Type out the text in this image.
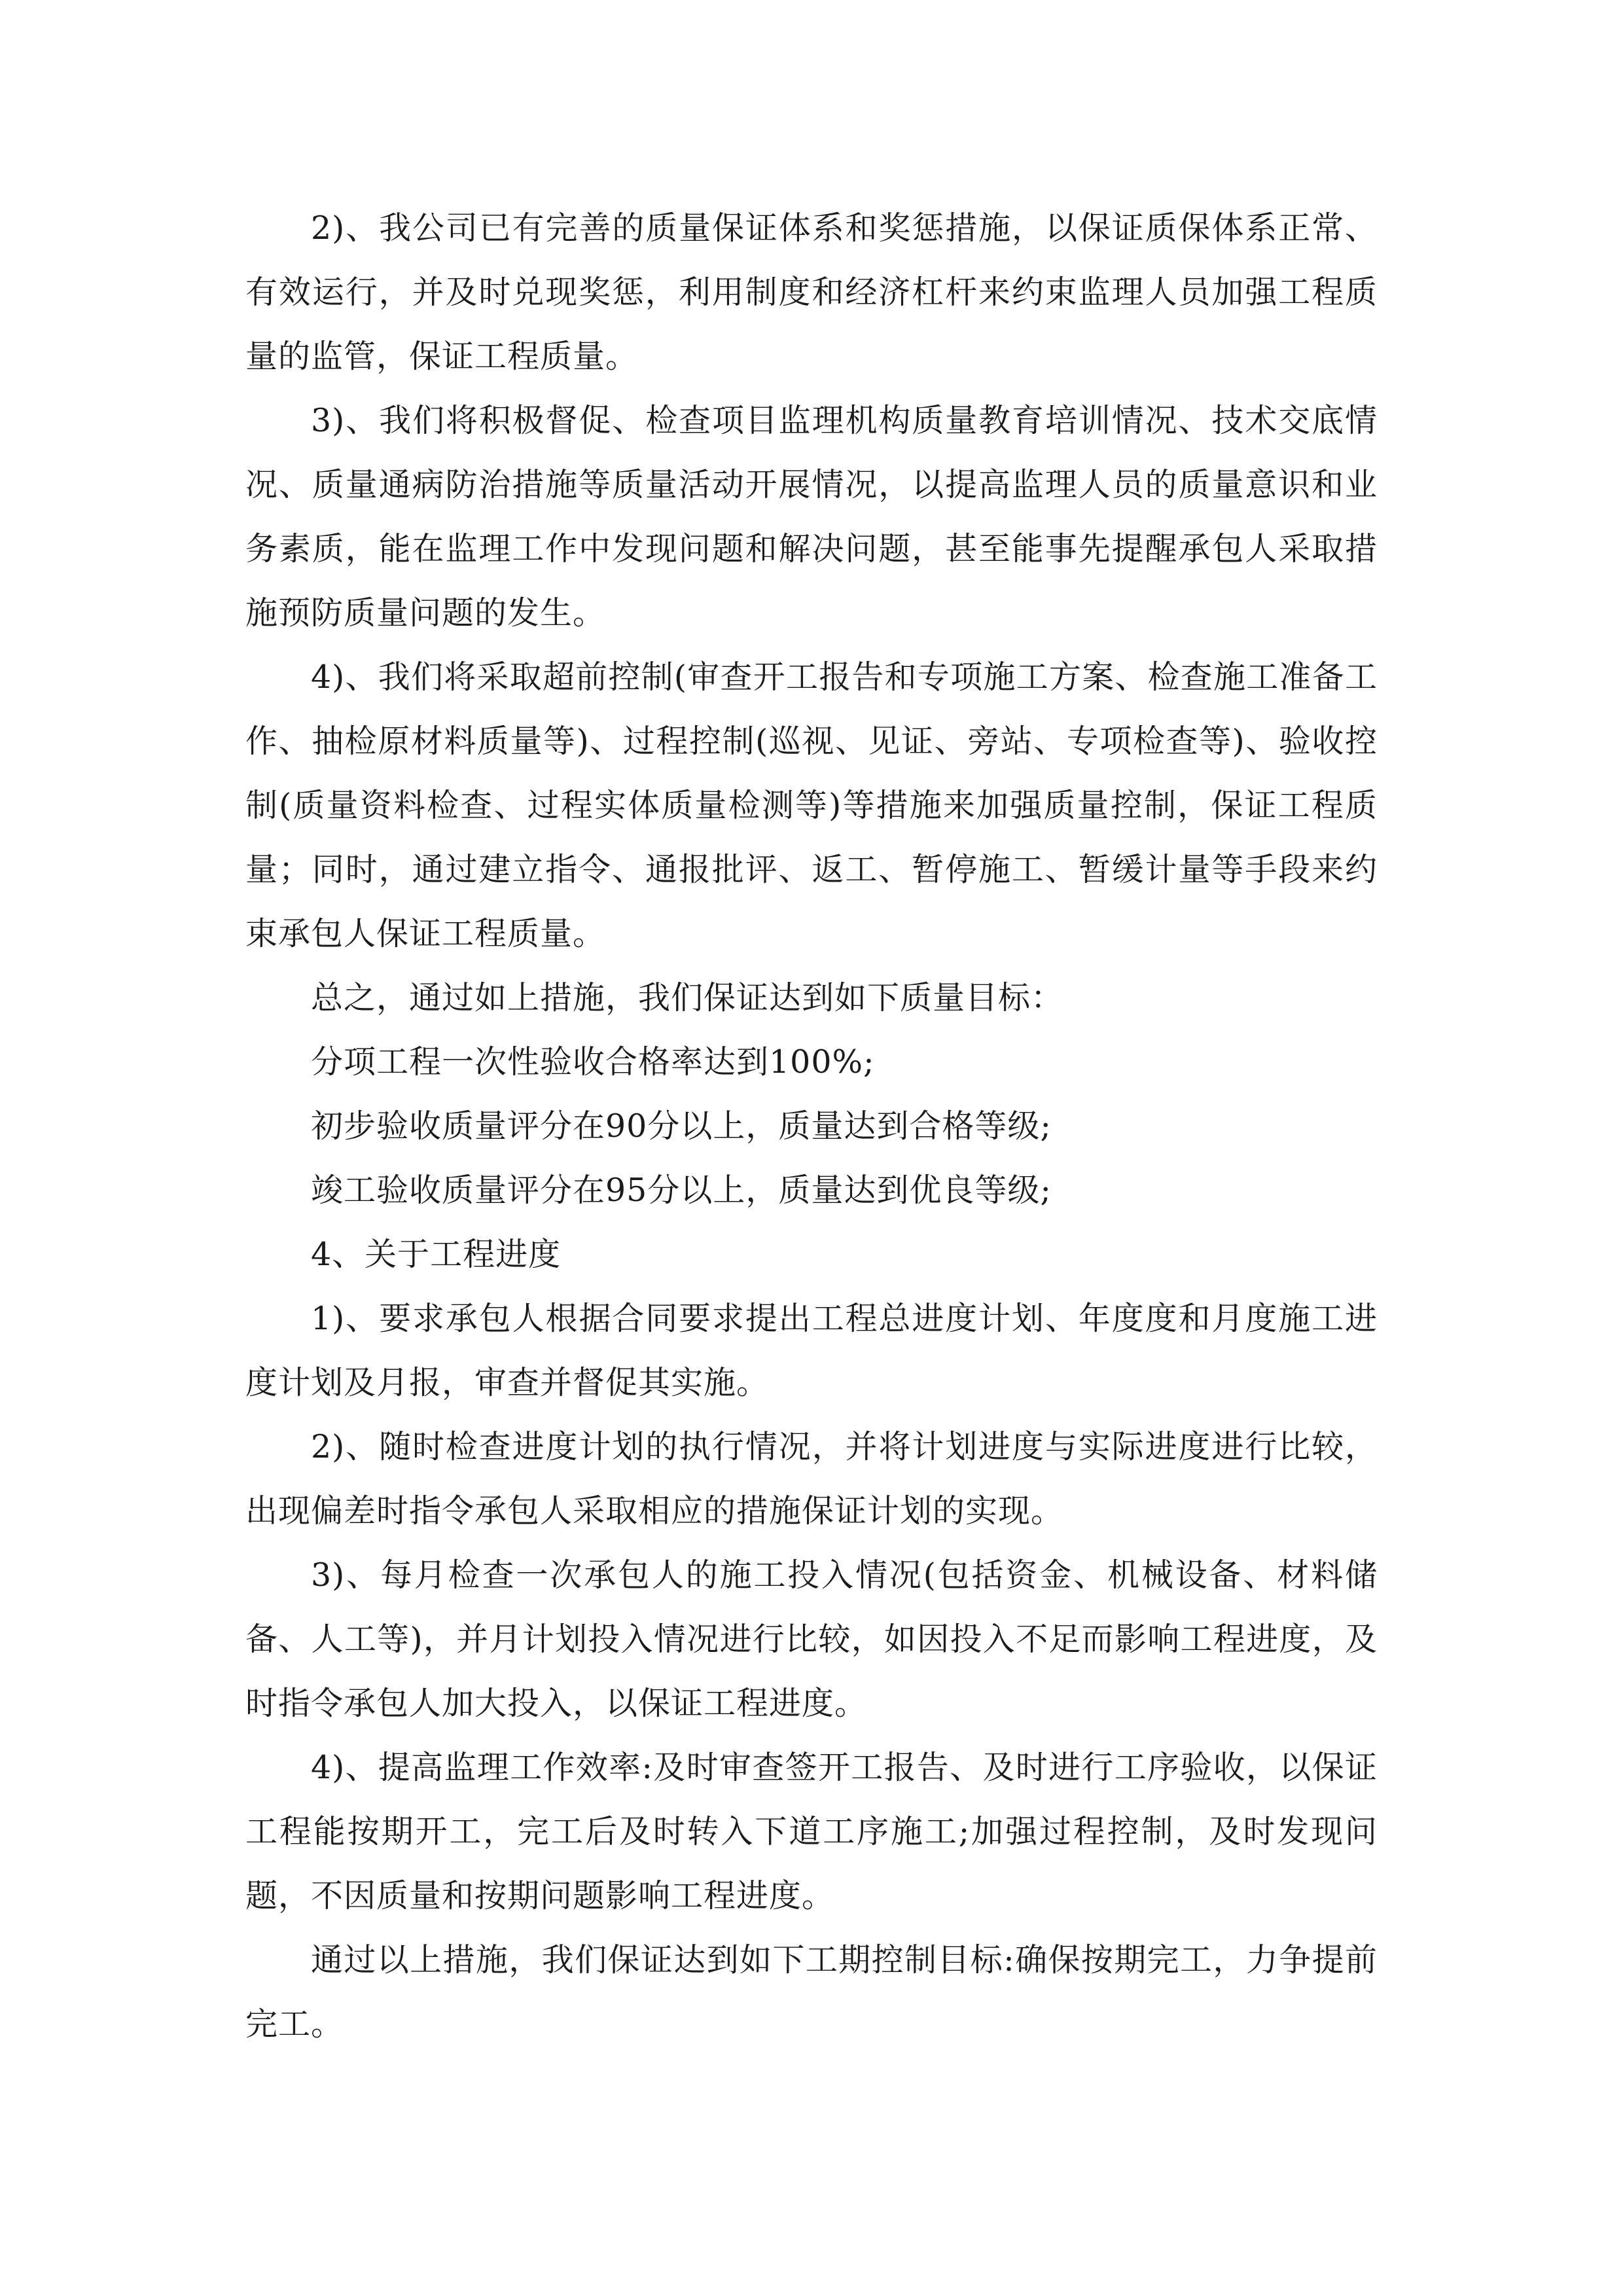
2)、我公司已有完善的质量保证体系和奖惩措施，以保证质保体系正常、有效运行，并及时兑现奖惩，利用制度和经济杠杆来约束监理人员加强工程质量的监管，保证工程质量。

3)、我们将积极督促、检查项目监理机构质量教育培训情况、技术交底情况、质量通病防治措施等质量活动开展情况，以提高监理人员的质量意识和业务素质，能在监理工作中发现问题和解决问题，甚至能事先提醒承包人采取措施预防质量问题的发生。

4)、我们将采取超前控制(审查开工报告和专项施工方案、检查施工准备工作、抽检原材料质量等)、过程控制(巡视、见证、旁站、专项检查等)、验收控制(质量资料检查、过程实体质量检测等)等措施来加强质量控制，保证工程质量；同时，通过建立指令、通报批评、返工、暂停施工、暂缓计量等手段来约束承包人保证工程质量。

总之，通过如上措施，我们保证达到如下质量目标：

分项工程一次性验收合格率达到100%;

初步验收质量评分在90分以上，质量达到合格等级;

竣工验收质量评分在95分以上，质量达到优良等级;

4、关于工程进度

1)、要求承包人根据合同要求提出工程总进度计划、年度度和月度施工进度计划及月报，审查并督促其实施。

2)、随时检查进度计划的执行情况，并将计划进度与实际进度进行比较，出现偏差时指令承包人采取相应的措施保证计划的实现。

3)、每月检查一次承包人的施工投入情况(包括资金、机械设备、材料储备、人工等)，并月计划投入情况进行比较，如因投入不足而影响工程进度，及时指令承包人加大投入，以保证工程进度。

4)、提高监理工作效率:及时审查签开工报告、及时进行工序验收，以保证工程能按期开工，完工后及时转入下道工序施工;加强过程控制，及时发现问题，不因质量和按期问题影响工程进度。

通过以上措施，我们保证达到如下工期控制目标:确保按期完工，力争提前完工。
